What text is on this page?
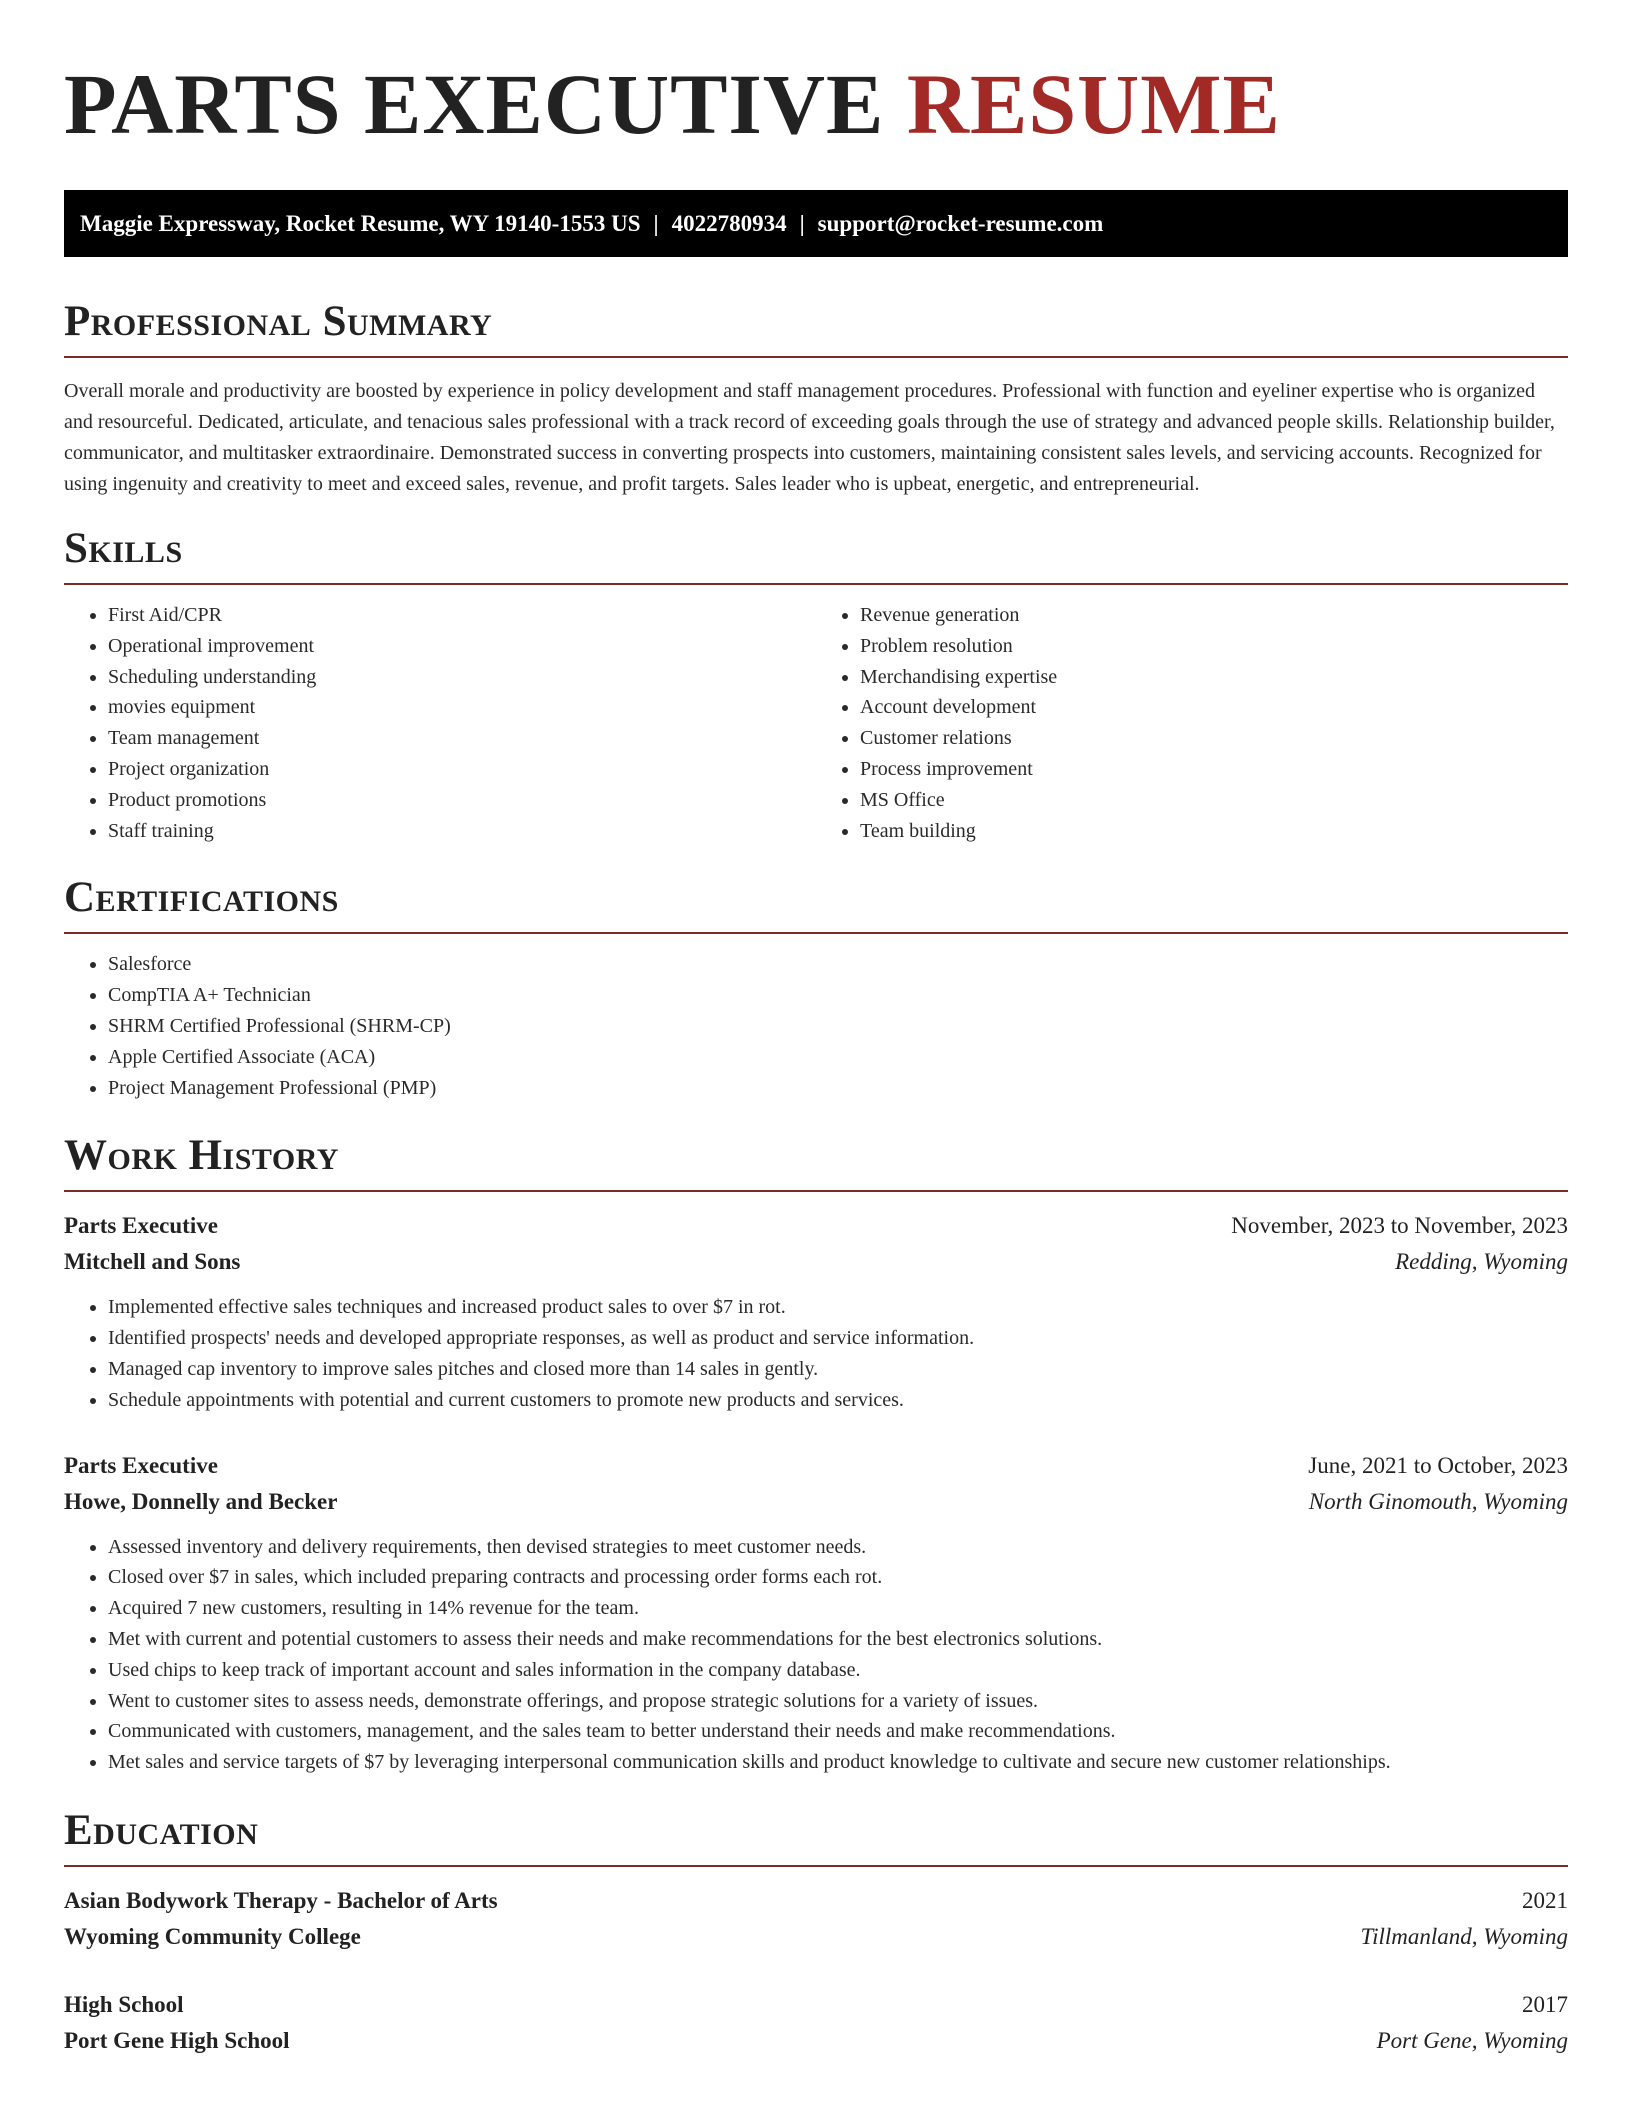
PARTS EXECUTIVE RESUME
Maggie Expressway, Rocket Resume, WY 19140-1553 US | 4022780934 | support@rocket-resume.com
Professional Summary

Overall morale and productivity are boosted by experience in policy development and staff management procedures. Professional with function and eyeliner expertise who is organized and resourceful. Dedicated, articulate, and tenacious sales professional with a track record of exceeding goals through the use of strategy and advanced people skills. Relationship builder, communicator, and multitasker extraordinaire. Demonstrated success in converting prospects into customers, maintaining consistent sales levels, and servicing accounts. Recognized for using ingenuity and creativity to meet and exceed sales, revenue, and profit targets. Sales leader who is upbeat, energetic, and entrepreneurial.

Skills
• First Aid/CPR
• Operational improvement
• Scheduling understanding
• movies equipment
• Team management
• Project organization
• Product promotions
• Staff training
• Revenue generation
• Problem resolution
• Merchandising expertise
• Account development
• Customer relations
• Process improvement
• MS Office
• Team building
Certifications
• Salesforce
• CompTIA A+ Technician
• SHRM Certified Professional (SHRM-CP)
• Apple Certified Associate (ACA)
• Project Management Professional (PMP)
Work History
Parts Executive	November, 2023 to November, 2023
Mitchell and Sons	Redding, Wyoming
• Implemented effective sales techniques and increased product sales to over $7 in rot.
• Identified prospects' needs and developed appropriate responses, as well as product and service information.
• Managed cap inventory to improve sales pitches and closed more than 14 sales in gently.
• Schedule appointments with potential and current customers to promote new products and services.
Parts Executive	June, 2021 to October, 2023
Howe, Donnelly and Becker	North Ginomouth, Wyoming
• Assessed inventory and delivery requirements, then devised strategies to meet customer needs.
• Closed over $7 in sales, which included preparing contracts and processing order forms each rot.
• Acquired 7 new customers, resulting in 14% revenue for the team.
• Met with current and potential customers to assess their needs and make recommendations for the best electronics solutions.
• Used chips to keep track of important account and sales information in the company database.
• Went to customer sites to assess needs, demonstrate offerings, and propose strategic solutions for a variety of issues.
• Communicated with customers, management, and the sales team to better understand their needs and make recommendations.
• Met sales and service targets of $7 by leveraging interpersonal communication skills and product knowledge to cultivate and secure new customer relationships.
Education
Asian Bodywork Therapy - Bachelor of Arts	2021
Wyoming Community College	Tillmanland, Wyoming
High School	2017
Port Gene High School	Port Gene, Wyoming
